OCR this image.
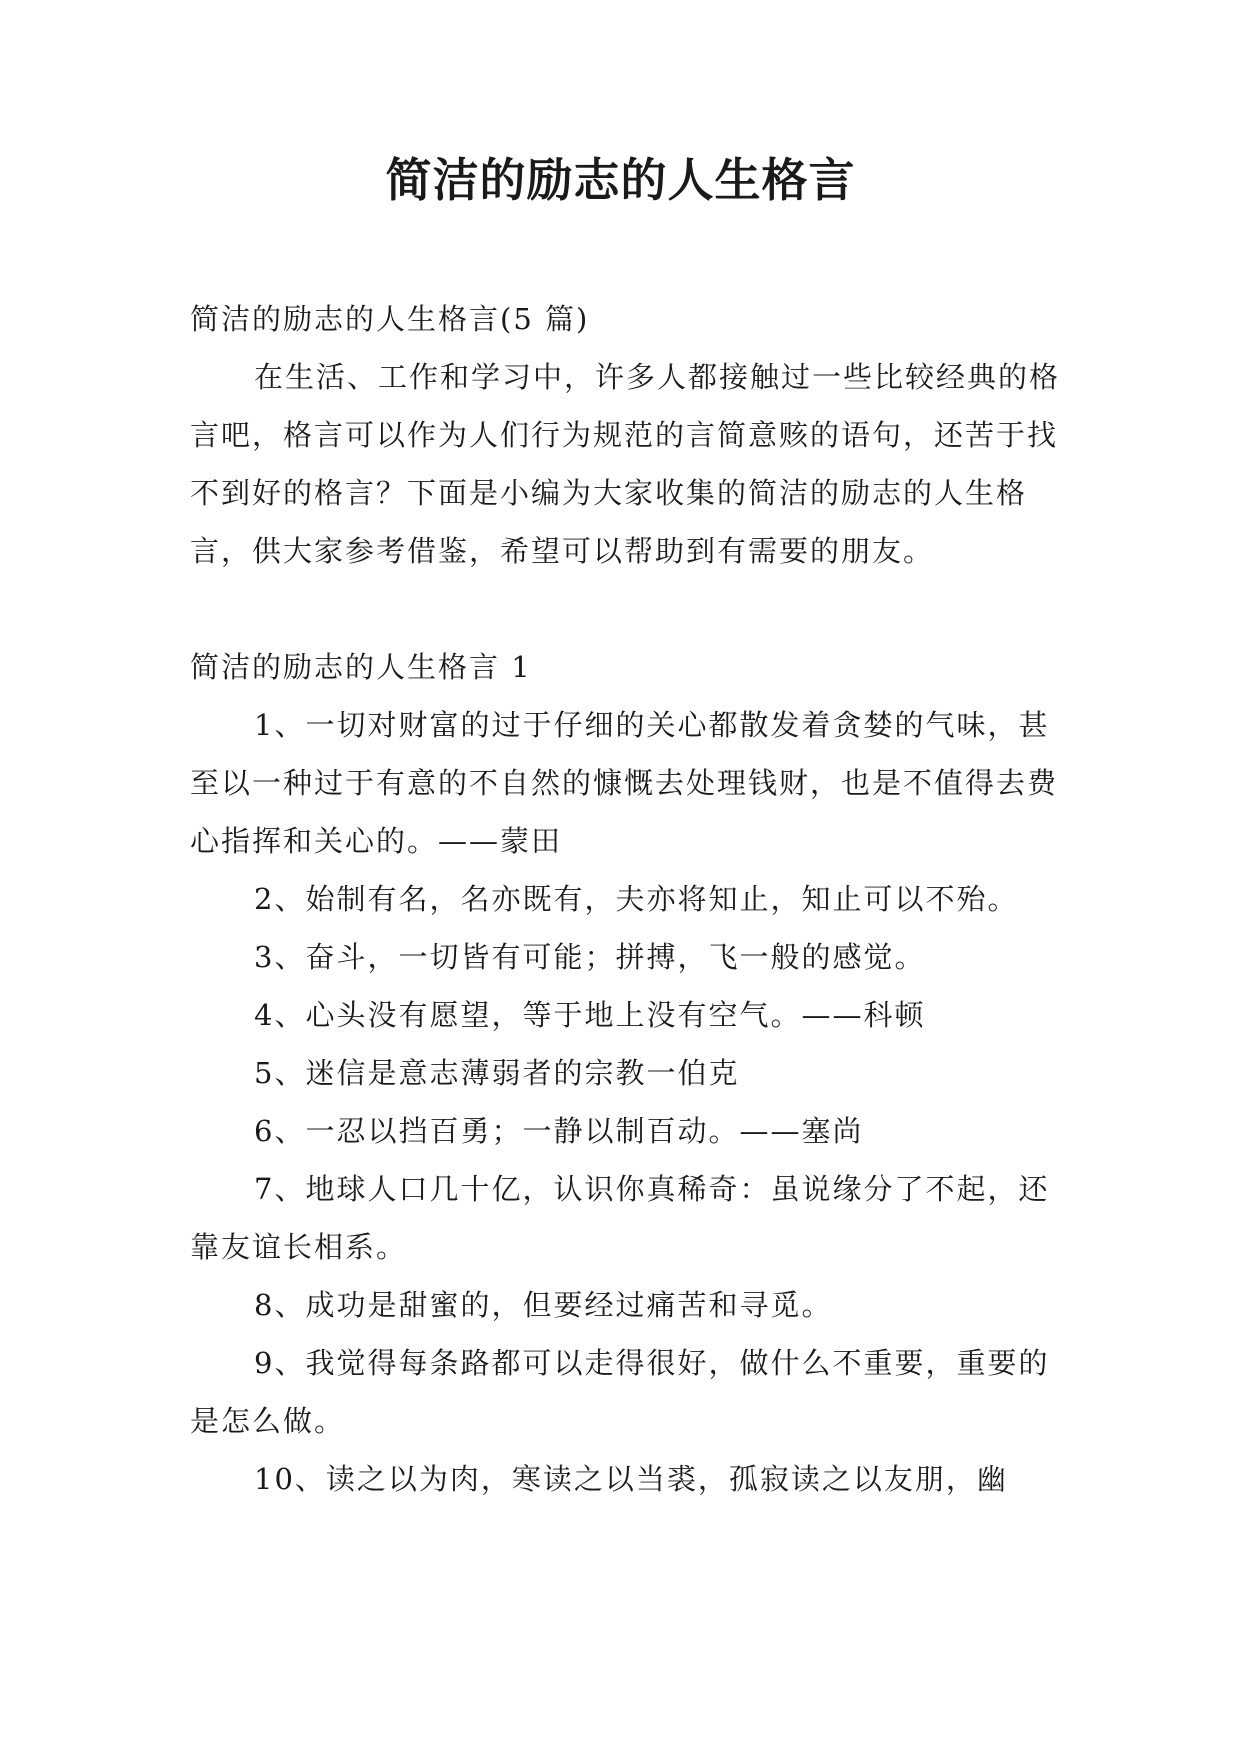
简洁的励志的人生格言

简洁的励志的人生格言(5 篇)

在生活、工作和学习中，许多人都接触过一些比较经典的格言吧，格言可以作为人们行为规范的言简意赅的语句，还苦于找不到好的格言？下面是小编为大家收集的简洁的励志的人生格言，供大家参考借鉴，希望可以帮助到有需要的朋友。

简洁的励志的人生格言 1

1、一切对财富的过于仔细的关心都散发着贪婪的气味，甚至以一种过于有意的不自然的慷慨去处理钱财，也是不值得去费心指挥和关心的。——蒙田

2、始制有名，名亦既有，夫亦将知止，知止可以不殆。

3、奋斗，一切皆有可能；拼搏，飞一般的感觉。

4、心头没有愿望，等于地上没有空气。——科顿

5、迷信是意志薄弱者的宗教一伯克

6、一忍以挡百勇；一静以制百动。——塞尚

7、地球人口几十亿，认识你真稀奇：虽说缘分了不起，还靠友谊长相系。

8、成功是甜蜜的，但要经过痛苦和寻觅。

9、我觉得每条路都可以走得很好，做什么不重要，重要的是怎么做。

10、读之以为肉，寒读之以当裘，孤寂读之以友朋，幽
